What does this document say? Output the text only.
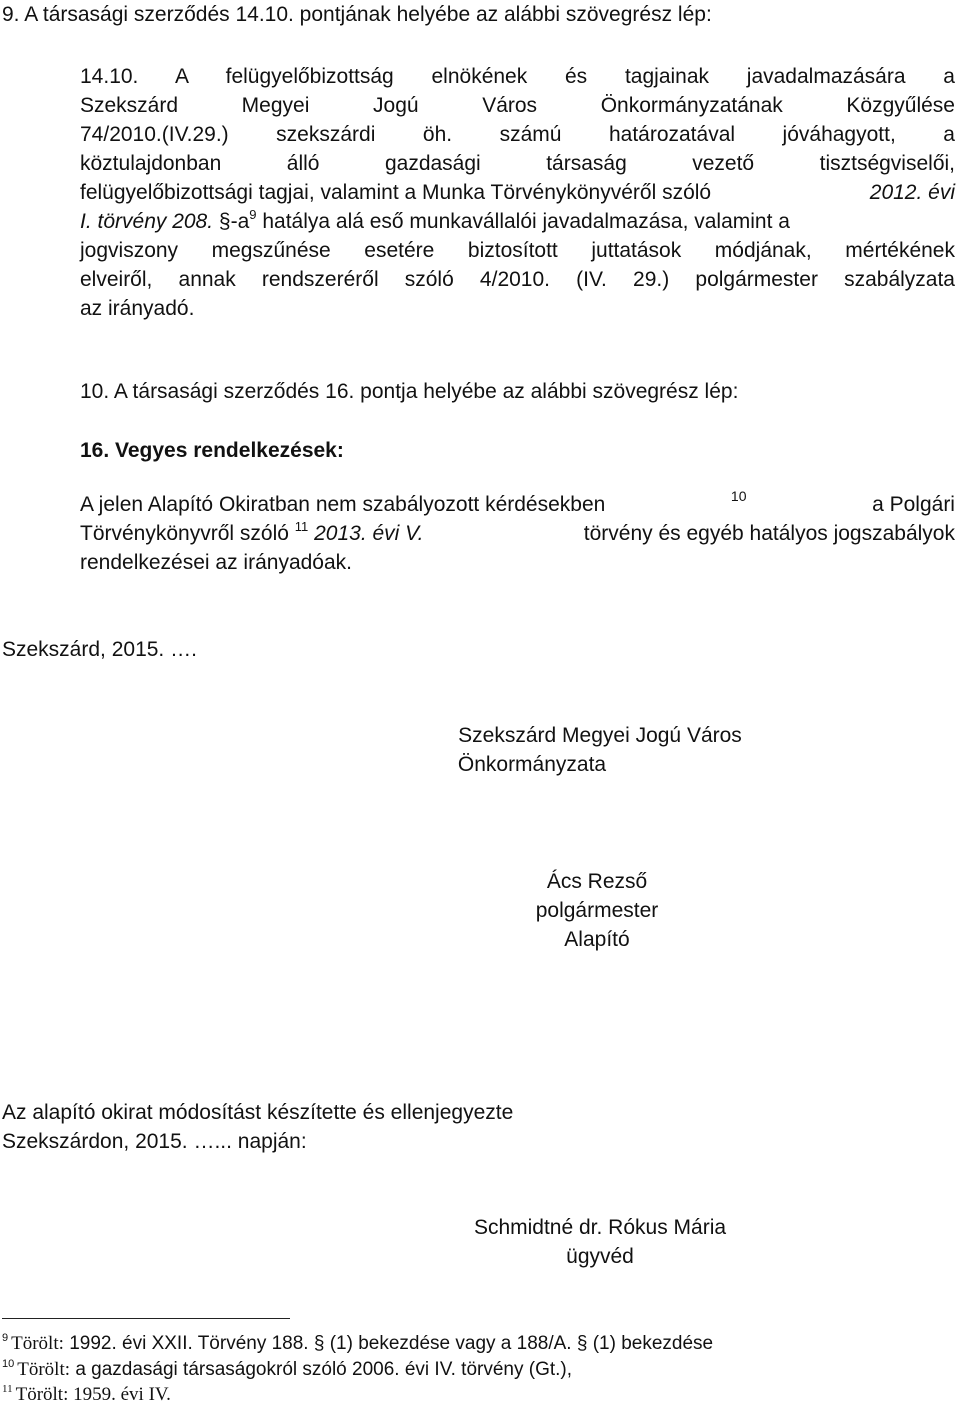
9. A társasági szerződés 14.10. pontjának helyébe az alábbi szövegrész lép:
14.10. A felügyelőbizottság elnökének és tagjainak javadalmazására a
Szekszárd Megyei Jogú Város Önkormányzatának Közgyűlése
74/2010.(IV.29.) szekszárdi öh. számú határozatával jóváhagyott, a
köztulajdonban álló gazdasági társaság vezető tisztségviselői,
felügyelőbizottsági tagjai, valamint a Munka Törvénykönyvéről szóló	2012. évi
I. törvény 208. $\S-a^9$ hatálya alá eső munkavállalói javadalmazása, valamint a
jogviszony megszűnése esetére biztosított juttatások módjának, mértékének
elveiről, annak rendszeréről szóló 4/2010. (IV. 29.) polgármester szabályzata
az irányadó.
10. A társasági szerződés 16. pontja helyébe az alábbi szövegrész lép:
16. Vegyes rendelkezések:
A jelen Alapító Okiratban nem szabályozott kérdésekben	$^{10}$	a Polgári
Törvénykönyvről szóló $^{11}$ 2013. évi V.	törvény és egyéb hatályos jogszabályok
rendelkezései az irányadóak.
Szekszárd, 2015. ….
Szekszárd Megyei Jogú Város
Önkormányzata
Ács Rezső
polgármester
Alapító
Az alapító okirat módosítást készítette és ellenjegyezte
Szekszárdon, 2015. …... napján:
Schmidtné dr. Rókus Mária
ügyvéd
$^9$ Törölt: 1992. évi XXII. Törvény 188. § (1) bekezdése vagy a 188/A. § (1) bekezdése
$^{10}$ Törölt: a gazdasági társaságokról szóló 2006. évi IV. törvény (Gt.),
$^{11}$ Törölt: 1959. évi IV.
